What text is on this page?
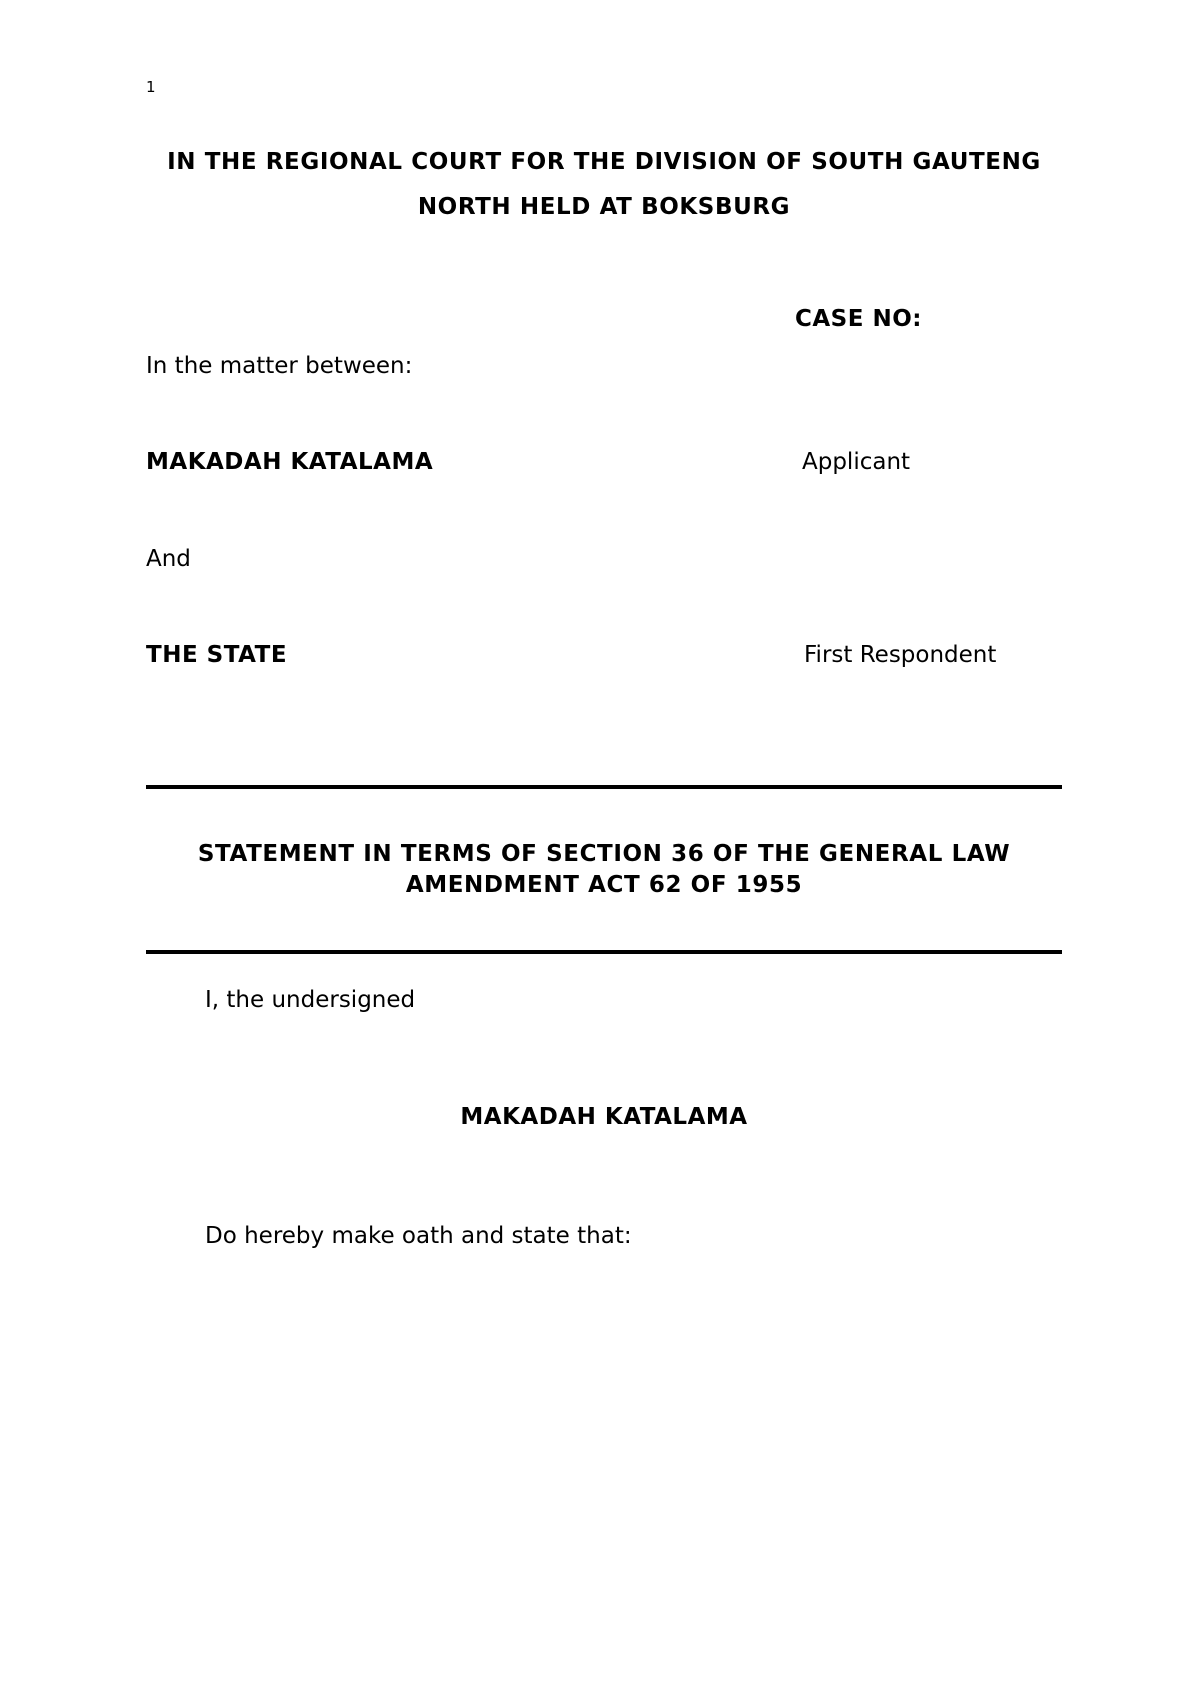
1
IN THE REGIONAL COURT FOR THE DIVISION OF SOUTH GAUTENG
NORTH HELD AT BOKSBURG
CASE NO:
In the matter between:
MAKADAH KATALAMA	Applicant
And
THE STATE	First Respondent
STATEMENT IN TERMS OF SECTION 36 OF THE GENERAL LAW
AMENDMENT ACT 62 OF 1955
I, the undersigned
MAKADAH KATALAMA
Do hereby make oath and state that:
